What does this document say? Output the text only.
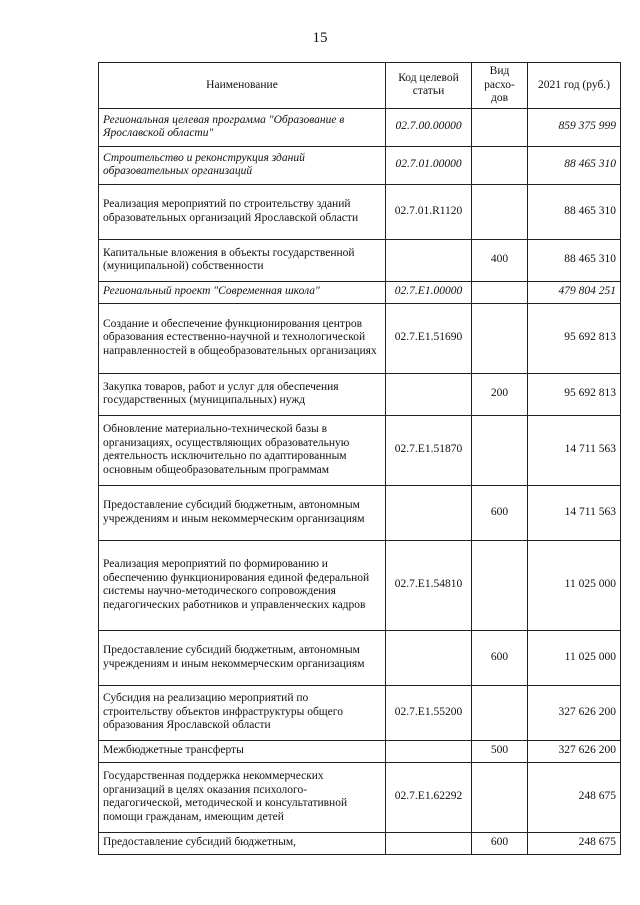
15
Наименование	Код целевой статьи	Вид расхо-дов	2021 год (руб.)
Региональная целевая программа "Образование в Ярославской области"	02.7.00.00000		859 375 999
Строительство и реконструкция зданий образовательных организаций	02.7.01.00000		88 465 310
Реализация мероприятий по строительству зданий образовательных организаций Ярославской области	02.7.01.R1120		88 465 310
Капитальные вложения в объекты государственной (муниципальной) собственности		400	88 465 310
Региональный проект "Современная школа"	02.7.E1.00000		479 804 251
Создание и обеспечение функционирования центров образования естественно-научной и технологической направленностей в общеобразовательных организациях	02.7.E1.51690		95 692 813
Закупка товаров, работ и услуг для обеспечения государственных (муниципальных) нужд		200	95 692 813
Обновление материально-технической базы в организациях, осуществляющих образовательную деятельность исключительно по адаптированным основным общеобразовательным программам	02.7.E1.51870		14 711 563
Предоставление субсидий бюджетным, автономным учреждениям и иным некоммерческим организациям		600	14 711 563
Реализация мероприятий по формированию и обеспечению функционирования единой федеральной системы научно-методического сопровождения педагогических работников и управленческих кадров	02.7.E1.54810		11 025 000
Предоставление субсидий бюджетным, автономным учреждениям и иным некоммерческим организациям		600	11 025 000
Субсидия на реализацию мероприятий по строительству объектов инфраструктуры общего образования Ярославской области	02.7.E1.55200		327 626 200
Межбюджетные трансферты		500	327 626 200
Государственная поддержка некоммерческих организаций в целях оказания психолого-педагогической, методической и консультативной помощи гражданам, имеющим детей	02.7.E1.62292		248 675
Предоставление субсидий бюджетным,		600	248 675
